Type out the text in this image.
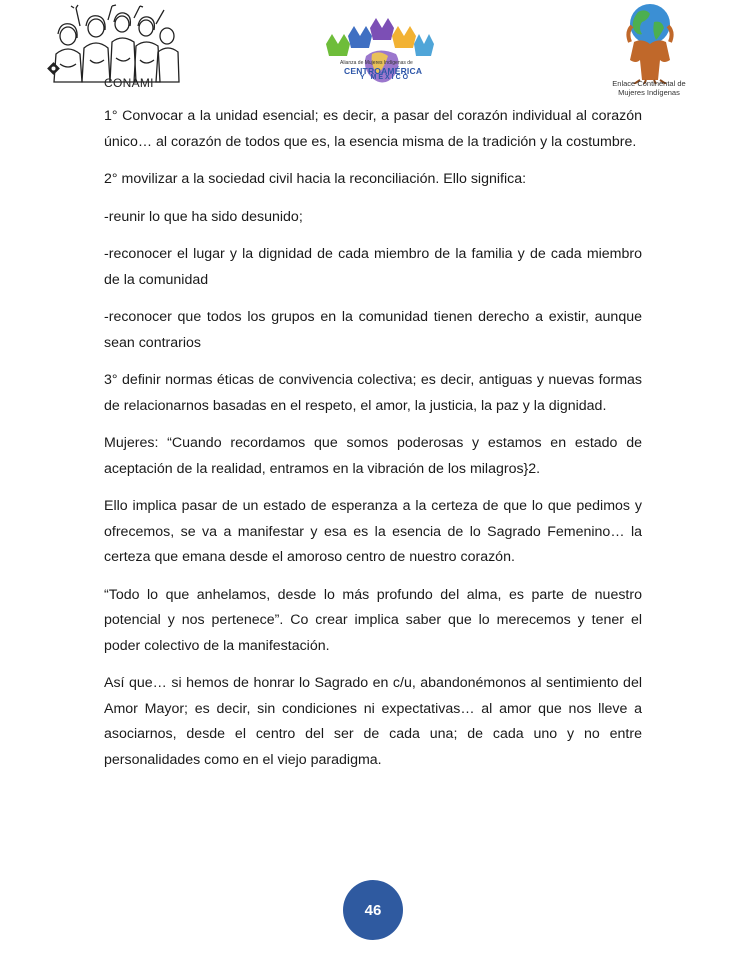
CONAMI
Alianza de Mujeres Indígenas de
CENTROAMÉRICA
Y MÉXICO
Enlace Continental de Mujeres Indígenas

1° Convocar a la unidad esencial; es decir, a pasar del corazón individual al corazón único… al corazón de todos que es, la esencia misma de la tradición y la costumbre.

2° movilizar a la sociedad civil hacia la reconciliación. Ello significa:

-reunir lo que ha sido desunido;

-reconocer el lugar y la dignidad de cada miembro de la familia y de cada miembro de la comunidad

-reconocer que todos los grupos en la comunidad tienen derecho a existir, aunque sean contrarios

3° definir normas éticas de convivencia colectiva; es decir, antiguas y nuevas formas de relacionarnos basadas en el respeto, el amor, la justicia, la paz y la dignidad.

Mujeres: “Cuando recordamos que somos poderosas y estamos en estado de aceptación de la realidad, entramos en la vibración de los milagros}2.

Ello implica pasar de un estado de esperanza a la certeza de que lo que pedimos y ofrecemos, se va a manifestar y esa es la esencia de lo Sagrado Femenino… la certeza que emana desde el amoroso centro de nuestro corazón.

“Todo lo que anhelamos, desde lo más profundo del alma, es parte de nuestro potencial y nos pertenece”. Co crear implica saber que lo merecemos y tener el poder colectivo de la manifestación.

Así que… si hemos de honrar lo Sagrado en c/u, abandonémonos al sentimiento del Amor Mayor; es decir, sin condiciones ni expectativas… al amor que nos lleve a asociarnos, desde el centro del ser de cada una; de cada uno y no entre personalidades como en el viejo paradigma.

46
